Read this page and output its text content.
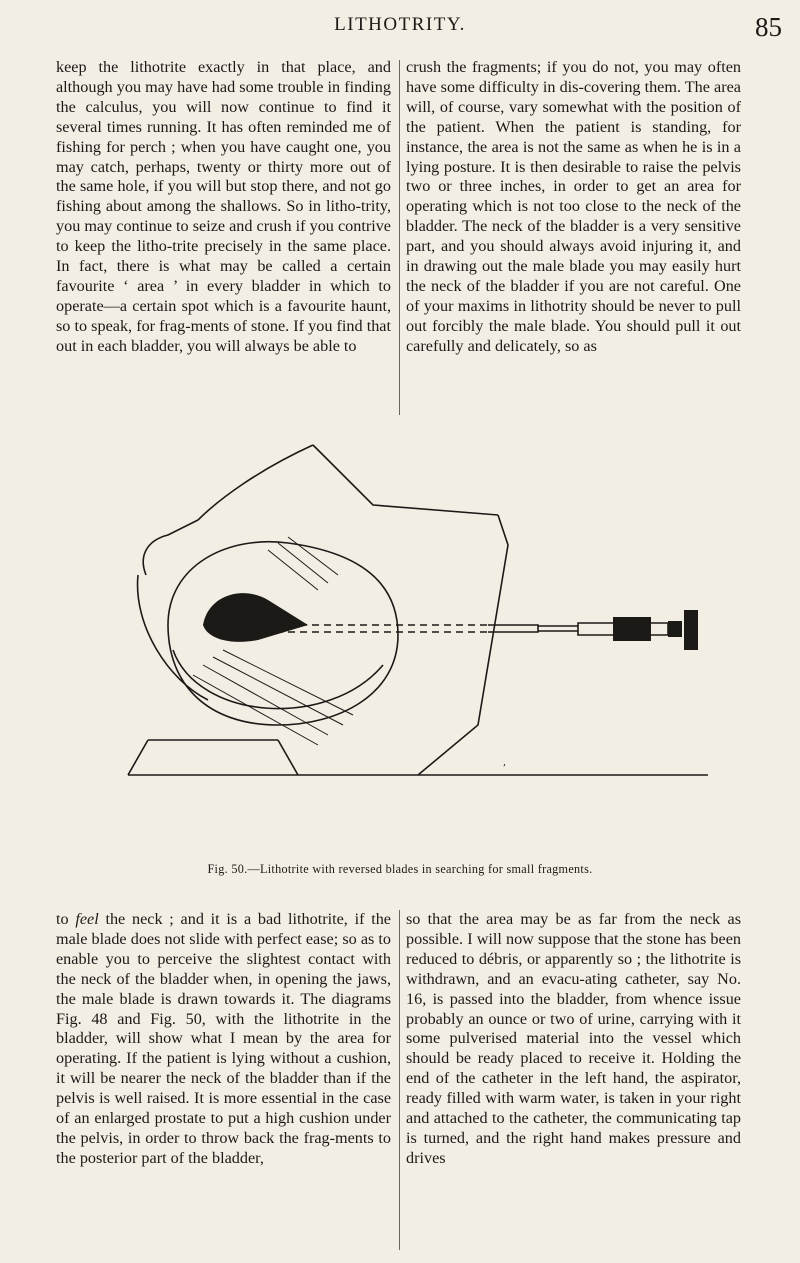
LITHOTRITY.	85

keep the lithotrite exactly in that place, and although you may have had some trouble in finding the calculus, you will now continue to find it several times running. It has often reminded me of fishing for perch ; when you have caught one, you may catch, perhaps, twenty or thirty more out of the same hole, if you will but stop there, and not go fishing about among the shallows. So in litho-trity, you may continue to seize and crush if you contrive to keep the litho-trite precisely in the same place. In fact, there is what may be called a certain favourite ‘ area ’ in every bladder in which to operate—a certain spot which is a favourite haunt, so to speak, for frag-ments of stone. If you find that out in each bladder, you will always be able to

crush the fragments; if you do not, you may often have some difficulty in dis-covering them. The area will, of course, vary somewhat with the position of the patient. When the patient is standing, for instance, the area is not the same as when he is in a lying posture. It is then desirable to raise the pelvis two or three inches, in order to get an area for operating which is not too close to the neck of the bladder. The neck of the bladder is a very sensitive part, and you should always avoid injuring it, and in drawing out the male blade you may easily hurt the neck of the bladder if you are not careful. One of your maxims in lithotrity should be never to pull out forcibly the male blade. You should pull it out carefully and delicately, so as

,
Fig. 50.—Lithotrite with reversed blades in searching for small fragments.

to feel the neck ; and it is a bad lithotrite, if the male blade does not slide with perfect ease; so as to enable you to perceive the slightest contact with the neck of the bladder when, in opening the jaws, the male blade is drawn towards it. The diagrams Fig. 48 and Fig. 50, with the lithotrite in the bladder, will show what I mean by the area for operating. If the patient is lying without a cushion, it will be nearer the neck of the bladder than if the pelvis is well raised. It is more essential in the case of an enlarged prostate to put a high cushion under the pelvis, in order to throw back the frag-ments to the posterior part of the bladder,

so that the area may be as far from the neck as possible. I will now suppose that the stone has been reduced to débris, or apparently so ; the lithotrite is withdrawn, and an evacu-ating catheter, say No. 16, is passed into the bladder, from whence issue probably an ounce or two of urine, carrying with it some pulverised material into the vessel which should be ready placed to receive it. Holding the end of the catheter in the left hand, the aspirator, ready filled with warm water, is taken in your right and attached to the catheter, the communicating tap is turned, and the right hand makes pressure and drives
